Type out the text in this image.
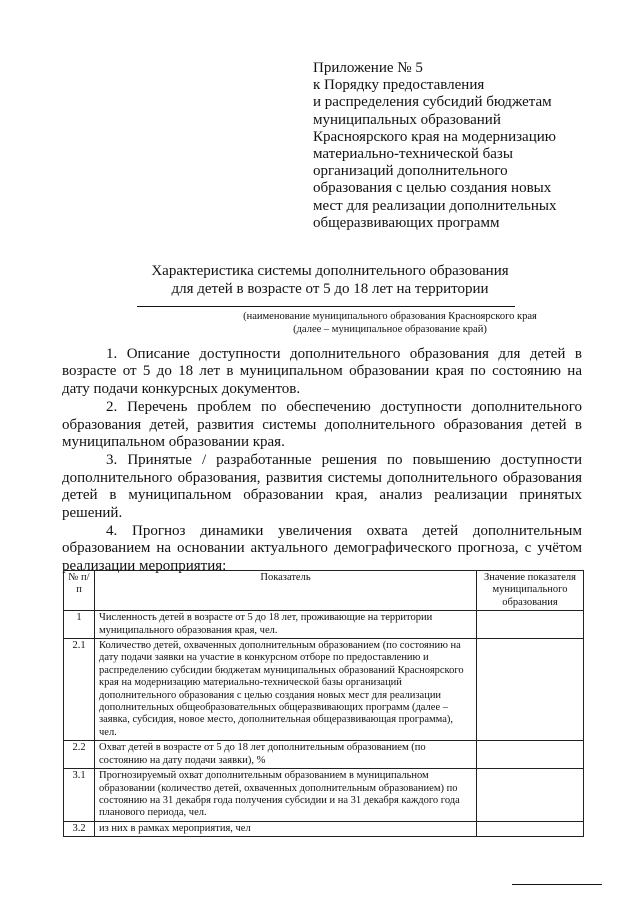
Приложение № 5
к Порядку предоставления
и распределения субсидий бюджетам
муниципальных образований
Красноярского края на модернизацию
материально-технической базы
организаций дополнительного
образования с целью создания новых
мест для реализации дополнительных
общеразвивающих программ
Характеристика системы дополнительного образования
для детей в возрасте от 5 до 18 лет на территории
(наименование муниципального образования Красноярского края
(далее – муниципальное образование край)

1. Описание доступности дополнительного образования для детей в возрасте от 5 до 18 лет в муниципальном образовании края по состоянию на дату подачи конкурсных документов.

2. Перечень проблем по обеспечению доступности дополнительного образования детей, развития системы дополнительного образования детей в муниципальном образовании края.

3. Принятые / разработанные решения по повышению доступности дополнительного образования, развития системы дополнительного образования детей в муниципальном образовании края, анализ реализации принятых решений.

4. Прогноз динамики увеличения охвата детей дополнительным образованием на основании актуального демографического прогноза, с учётом реализации мероприятия:

№ п/п	Показатель	Значение показателя муниципального образования
1	Численность детей в возрасте от 5 до 18 лет, проживающие на территории муниципального образования края, чел.	
2.1	Количество детей, охваченных дополнительным образованием (по состоянию на дату подачи заявки на участие в конкурсном отборе по предоставлению и распределению субсидии бюджетам муниципальных образований Красноярского края на модернизацию материально-технической базы организаций дополнительного образования с целью создания новых мест для реализации дополнительных общеобразовательных общеразвивающих программ (далее – заявка, субсидия, новое место, дополнительная общеразвивающая программа), чел.	
2.2	Охват детей в возрасте от 5 до 18 лет дополнительным образованием (по состоянию на дату подачи заявки), %	
3.1	Прогнозируемый охват дополнительным образованием в муниципальном образовании (количество детей, охваченных дополнительным образованием) по состоянию на 31 декабря года получения субсидии и на 31 декабря каждого года планового периода, чел.	
3.2	из них в рамках мероприятия, чел	
